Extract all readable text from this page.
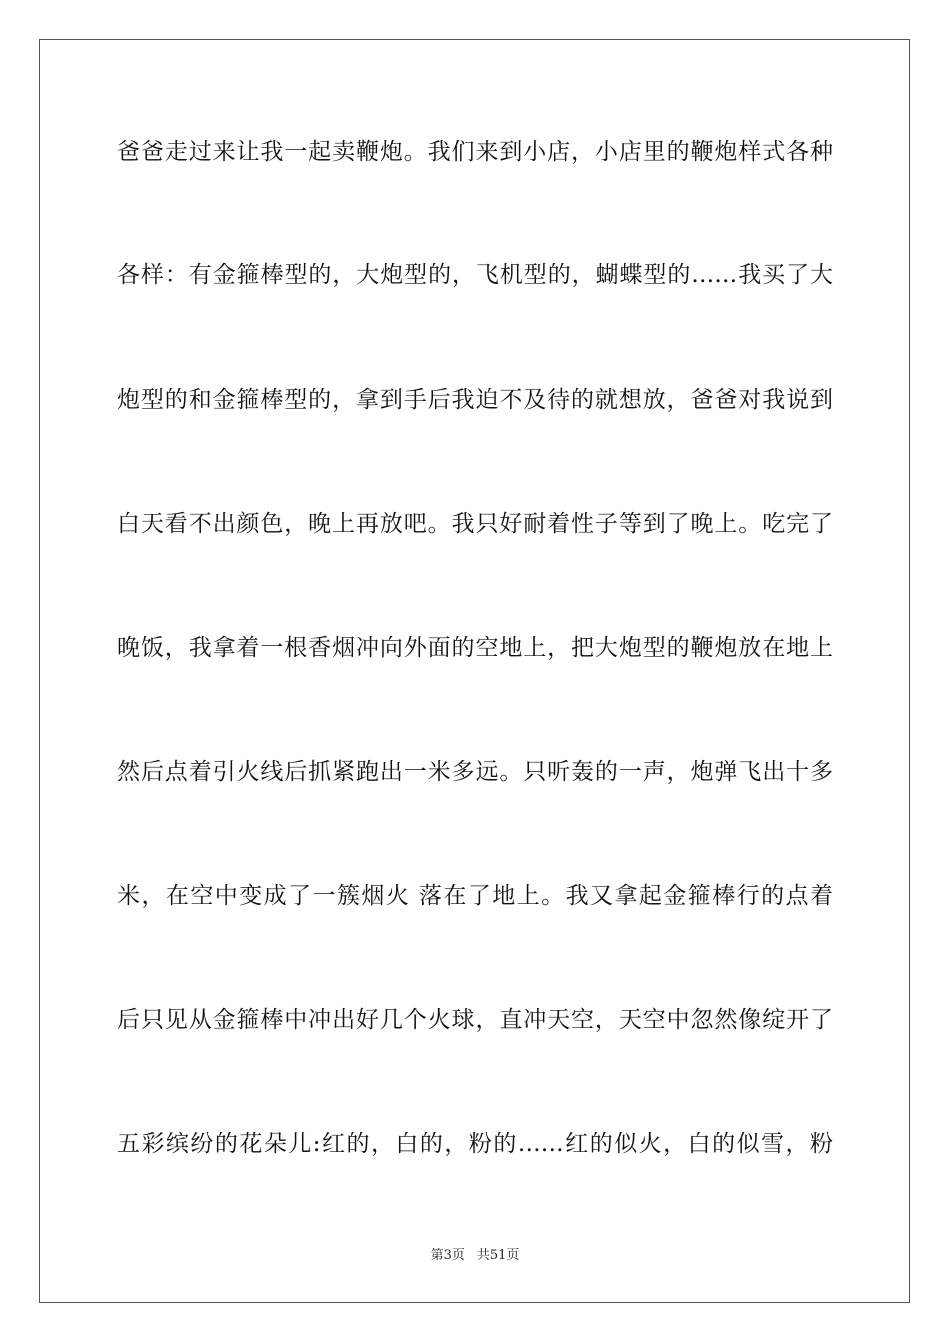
爸爸走过来让我一起卖鞭炮。我们来到小店，小店里的鞭炮样式各种
各样：有金箍棒型的，大炮型的，飞机型的，蝴蝶型的……我买了大
炮型的和金箍棒型的，拿到手后我迫不及待的就想放，爸爸对我说到
白天看不出颜色，晚上再放吧。我只好耐着性子等到了晚上。吃完了
晚饭，我拿着一根香烟冲向外面的空地上，把大炮型的鞭炮放在地上
然后点着引火线后抓紧跑出一米多远。只听轰的一声，炮弹飞出十多
米，在空中变成了一簇烟火 落在了地上。我又拿起金箍棒行的点着
后只见从金箍棒中冲出好几个火球，直冲天空，天空中忽然像绽开了
五彩缤纷的花朵儿:红的，白的，粉的……红的似火，白的似雪，粉
第3页 共51页
